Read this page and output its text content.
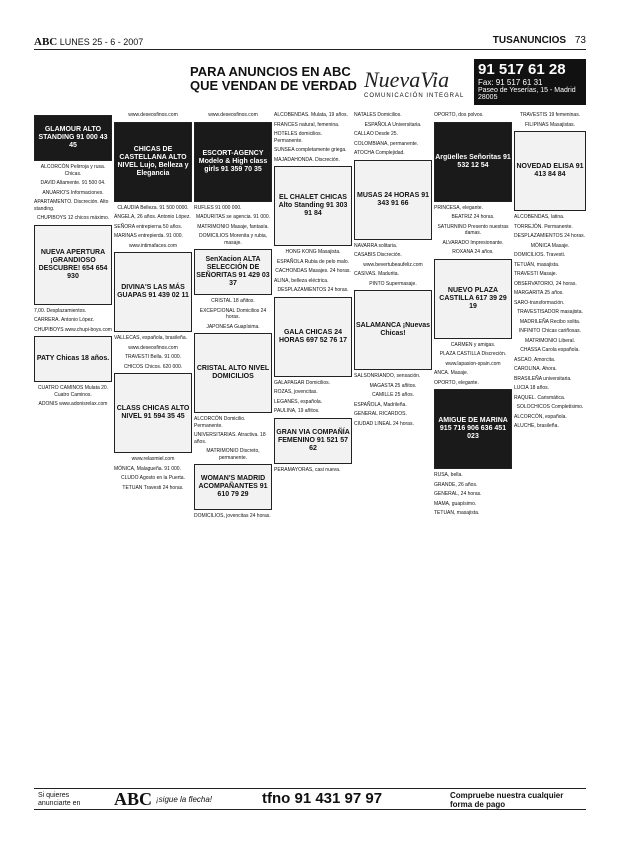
ABC LUNES 25 - 6 - 2007	TUSANUNCIOS 73
PARA ANUNCIOS EN ABC
QUE VENDAN DE VERDAD NuevaVia
COMUNICACIÓN INTEGRAL
91 517 61 28
Fax: 91 517 61 31
Paseo de Yeserías, 15 - Madrid 28005
GLAMOUR ALTO STANDING 91 000 43 45

ALCORCÓN Pelirroja y rusa. Chicas.

DAVID Altamente. 91 500 04.

ANUARIO'S Informaciones.

APARTAMENTO. Discreción. Alto standing.

CHUPIBOYS 12 chicos máximo.

NUEVA APERTURA ¡GRANDIOSO DESCUBRE! 654 654 930

7,00. Desplazamientos.

CARRERA. Antonio López.

CHUPIBOYS www.chupi-boys.com

PATY Chicas 18 años.

CUATRO CAMINOS Mulata 20. Cuatro Caminos.

ADONIS www.adonisrelax.com

www.deseosfinos.com

CHICAS DE CASTELLANA ALTO NIVEL Lujo, Belleza y Elegancia

CLAUDIA Belleza. 91 500 0000.

ÁNGELA, 26 años. Antonio López.

SEÑORA entrepierna 50 años.

MARINAS entrepierda. 91 000.

www.intimafaces.com

DIVINA'S LAS MÁS GUAPAS 91 439 02 11

VALLECAS, española, brasileña.

www.deseosfinos.com

TRAVESTI Bella. 91 000.

CHICOS Chicos. 620 000.

CLASS CHICAS ALTO NIVEL 91 594 35 45

www.relaxmiel.com

MÓNICA, Malagueña. 91 000.

CLUDO Agosto en la Puerta.

TETUAN Travesti 24 horas.

www.deseosfinos.com

ESCORT-AGENCY Modelo & High class girls 91 359 70 35

RUFLES 91 000 000.

MADURITAS se agencia. 91 000.

MATRIMONIO Masaje, fantasía.

DOMICILIOS Morenita y rubia, masaje.

SenXacion ALTA SELECCIÓN DE SEÑORITAS 91 429 03 37

CRISTAL 18 añitos.

EXCEPCIONAL Domicilios 24 horas.

JAPONESA Guapísima.

CRISTAL ALTO NIVEL DOMICILIOS

ALCORCÓN Domicilio. Permanente.

UNIVERSITARIAS. Atractiva. 18 años.

MATRIMONIO Discreto, permanente.

WOMAN'S MADRID ACOMPAÑANTES 91 610 79 29

DOMICILIOS, jovencitas 24 horas.

ALCOBENDAS. Mulata, 19 años.

FRANCES natural, femenina.

HOTELES domicilios. Permanente.

SUNSEA completamente griega.

MAJADAHONDA. Discreción.

EL CHALET CHICAS Alto Standing 91 303 91 84

HONG KONG Masajista.

ESPAÑOLA Rubia de pelo malo.

CACHONDAS Masajes. 24 horas.

ALINA, belleza eléctrica.

DESPLAZAMIENTOS 24 horas.

GALA CHICAS 24 HORAS 697 52 76 17

GALAPAGAR Domicilios.

ROZAS, jovencitas.

LEGANÉS, española.

PAULINA, 19 añitos.

GRAN VIA COMPAÑÍA FEMENINO 91 521 57 62

PERAMAYORAS, casi nueva.

NATALES Domicilios.

ESPAÑOLA Universitaria.

CALLAO Desde 25.

COLOMBIANA, permanente.

ATOCHA Complejidad.

MUSAS 24 HORAS 91 343 91 66

NAVARRA solitaria.

CASABIS Discreción.

www.bevertubeaufeliz.com

CASIVAS. Madurita.

PINTO Supermasaje.

SALAMANCA ¡Nuevas Chicas!

SALSONRIANDO, sensación.

MAGASTA 25 añitos.

CAMILLE 25 años.

ESPAÑOLA, Madrileña.

GENERAL RICARDOS.

CIUDAD LINEAL 24 horas.

OPORTO, dos polvos.

Argüelles Señoritas 91 532 12 54

PRINCESA, elegante.

BEATRIZ 24 horas.

SATURNINO Presento nuestras damas.

ALVARADO Impresionante.

ROXANA 24 años.

NUEVO PLAZA CASTILLA 617 39 29 19

CARMEN y amigas.

PLAZA CASTILLA Discreción.

www.lapasion-spain.com

ANCA. Masaje.

OPORTO, elegante.

AMIGUE DE MARINA 915 716 906 636 451 023

RUSA, bella.

GRANDE, 26 años.

GENERAL, 24 horas.

MAMA, guapísimo.

TETUAN, masajista.

TRAVESTIS 19 femeninas.

FILIPINAS Masajistas.

NOVEDAD ELISA 91 413 84 84

ALCOBENDAS, latina.

TORREJÓN. Permanente.

DESPLAZAMIENTOS 24 horas.

MÓNICA Masaje.

DOMICILIOS. Travesti.

TETUÁN, masajista.

TRAVESTI Masaje.

OBSERVATORIO, 24 horas.

MARGARITA 25 años.

SARO-transformación.

TRAVESTISADOR masajista.

MADRILEÑA Recibo solita.

INFINITO Chicas cariñosas.

MATRIMONIO Liberal.

CHASSA Carola española.

ASCAO. Amorcita.

CAROLINA. Ahora.

BRASILEÑA universitaria.

LUCIA 18 años.

RAQUEL. Carismática.

SOLOCHICOS Completísimo.

ALCORCÓN, española.

ALUCHE, brasileña.

Si quieres
anunciarte en ABC ¡sigue la flecha!	tfno 91 431 97 97	Compruebe nuestra cualquier
forma de pago
